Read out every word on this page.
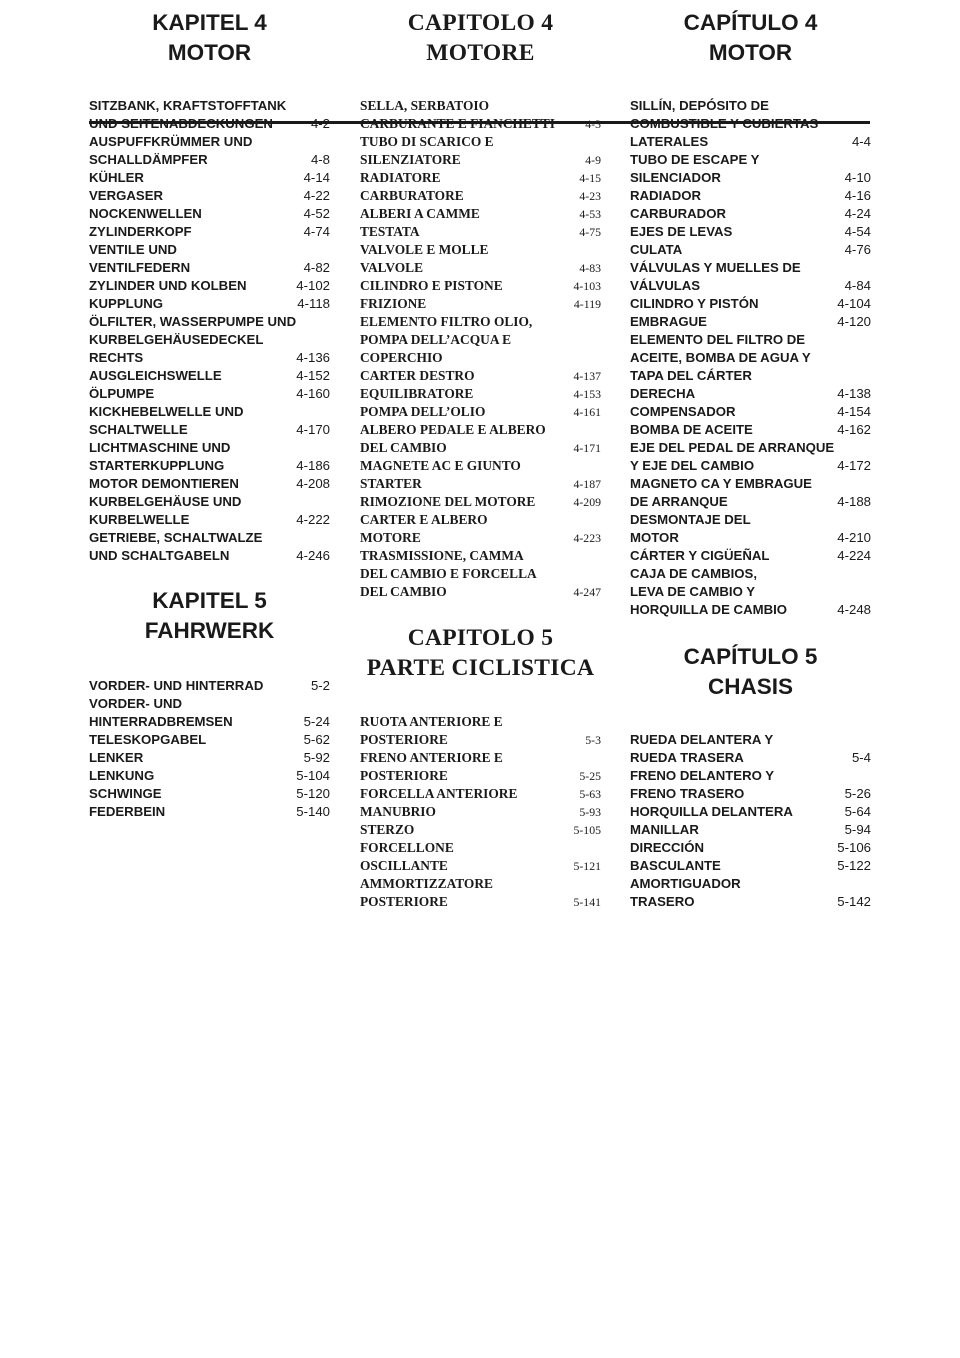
KAPITEL 4
MOTOR
SITZBANK, KRAFTSTOFFTANK
UND SEITENABDECKUNGEN	4-2
AUSPUFFKRÜMMER UND
SCHALLDÄMPFER	4-8
KÜHLER	4-14
VERGASER	4-22
NOCKENWELLEN	4-52
ZYLINDERKOPF	4-74
VENTILE UND
VENTILFEDERN	4-82
ZYLINDER UND KOLBEN	4-102
KUPPLUNG	4-118
ÖLFILTER, WASSERPUMPE UND
KURBELGEHÄUSEDECKEL
RECHTS	4-136
AUSGLEICHSWELLE	4-152
ÖLPUMPE	4-160
KICKHEBELWELLE UND
SCHALTWELLE	4-170
LICHTMASCHINE UND
STARTERKUPPLUNG	4-186
MOTOR DEMONTIEREN	4-208
KURBELGEHÄUSE UND
KURBELWELLE	4-222
GETRIEBE, SCHALTWALZE
UND SCHALTGABELN	4-246
KAPITEL 5
FAHRWERK
VORDER- UND HINTERRAD	5-2
VORDER- UND
HINTERRADBREMSEN	5-24
TELESKOPGABEL	5-62
LENKER	5-92
LENKUNG	5-104
SCHWINGE	5-120
FEDERBEIN	5-140
CAPITOLO 4
MOTORE
SELLA, SERBATOIO
CARBURANTE E FIANCHETTI	4-3
TUBO DI SCARICO E
SILENZIATORE	4-9
RADIATORE	4-15
CARBURATORE	4-23
ALBERI A CAMME	4-53
TESTATA	4-75
VALVOLE E MOLLE
VALVOLE	4-83
CILINDRO E PISTONE	4-103
FRIZIONE	4-119
ELEMENTO FILTRO OLIO,
POMPA DELL’ACQUA E
COPERCHIO
CARTER DESTRO	4-137
EQUILIBRATORE	4-153
POMPA DELL’OLIO	4-161
ALBERO PEDALE E ALBERO
DEL CAMBIO	4-171
MAGNETE AC E GIUNTO
STARTER	4-187
RIMOZIONE DEL MOTORE	4-209
CARTER E ALBERO
MOTORE	4-223
TRASMISSIONE, CAMMA
DEL CAMBIO E FORCELLA
DEL CAMBIO	4-247
CAPITOLO 5
PARTE CICLISTICA
RUOTA ANTERIORE E
POSTERIORE	5-3
FRENO ANTERIORE E
POSTERIORE	5-25
FORCELLA ANTERIORE	5-63
MANUBRIO	5-93
STERZO	5-105
FORCELLONE
OSCILLANTE	5-121
AMMORTIZZATORE
POSTERIORE	5-141
CAPÍTULO 4
MOTOR
SILLÍN, DEPÓSITO DE
COMBUSTIBLE Y CUBIERTAS
LATERALES	4-4
TUBO DE ESCAPE Y
SILENCIADOR	4-10
RADIADOR	4-16
CARBURADOR	4-24
EJES DE LEVAS	4-54
CULATA	4-76
VÁLVULAS Y MUELLES DE
VÁLVULAS	4-84
CILINDRO Y PISTÓN	4-104
EMBRAGUE	4-120
ELEMENTO DEL FILTRO DE
ACEITE, BOMBA DE AGUA Y
TAPA DEL CÁRTER
DERECHA	4-138
COMPENSADOR	4-154
BOMBA DE ACEITE	4-162
EJE DEL PEDAL DE ARRANQUE
Y EJE DEL CAMBIO	4-172
MAGNETO CA Y EMBRAGUE
DE ARRANQUE	4-188
DESMONTAJE DEL
MOTOR	4-210
CÁRTER Y CIGÜEÑAL	4-224
CAJA DE CAMBIOS,
LEVA DE CAMBIO Y
HORQUILLA DE CAMBIO	4-248
CAPÍTULO 5
CHASIS
RUEDA DELANTERA Y
RUEDA TRASERA	5-4
FRENO DELANTERO Y
FRENO TRASERO	5-26
HORQUILLA DELANTERA	5-64
MANILLAR	5-94
DIRECCIÓN	5-106
BASCULANTE	5-122
AMORTIGUADOR
TRASERO	5-142
